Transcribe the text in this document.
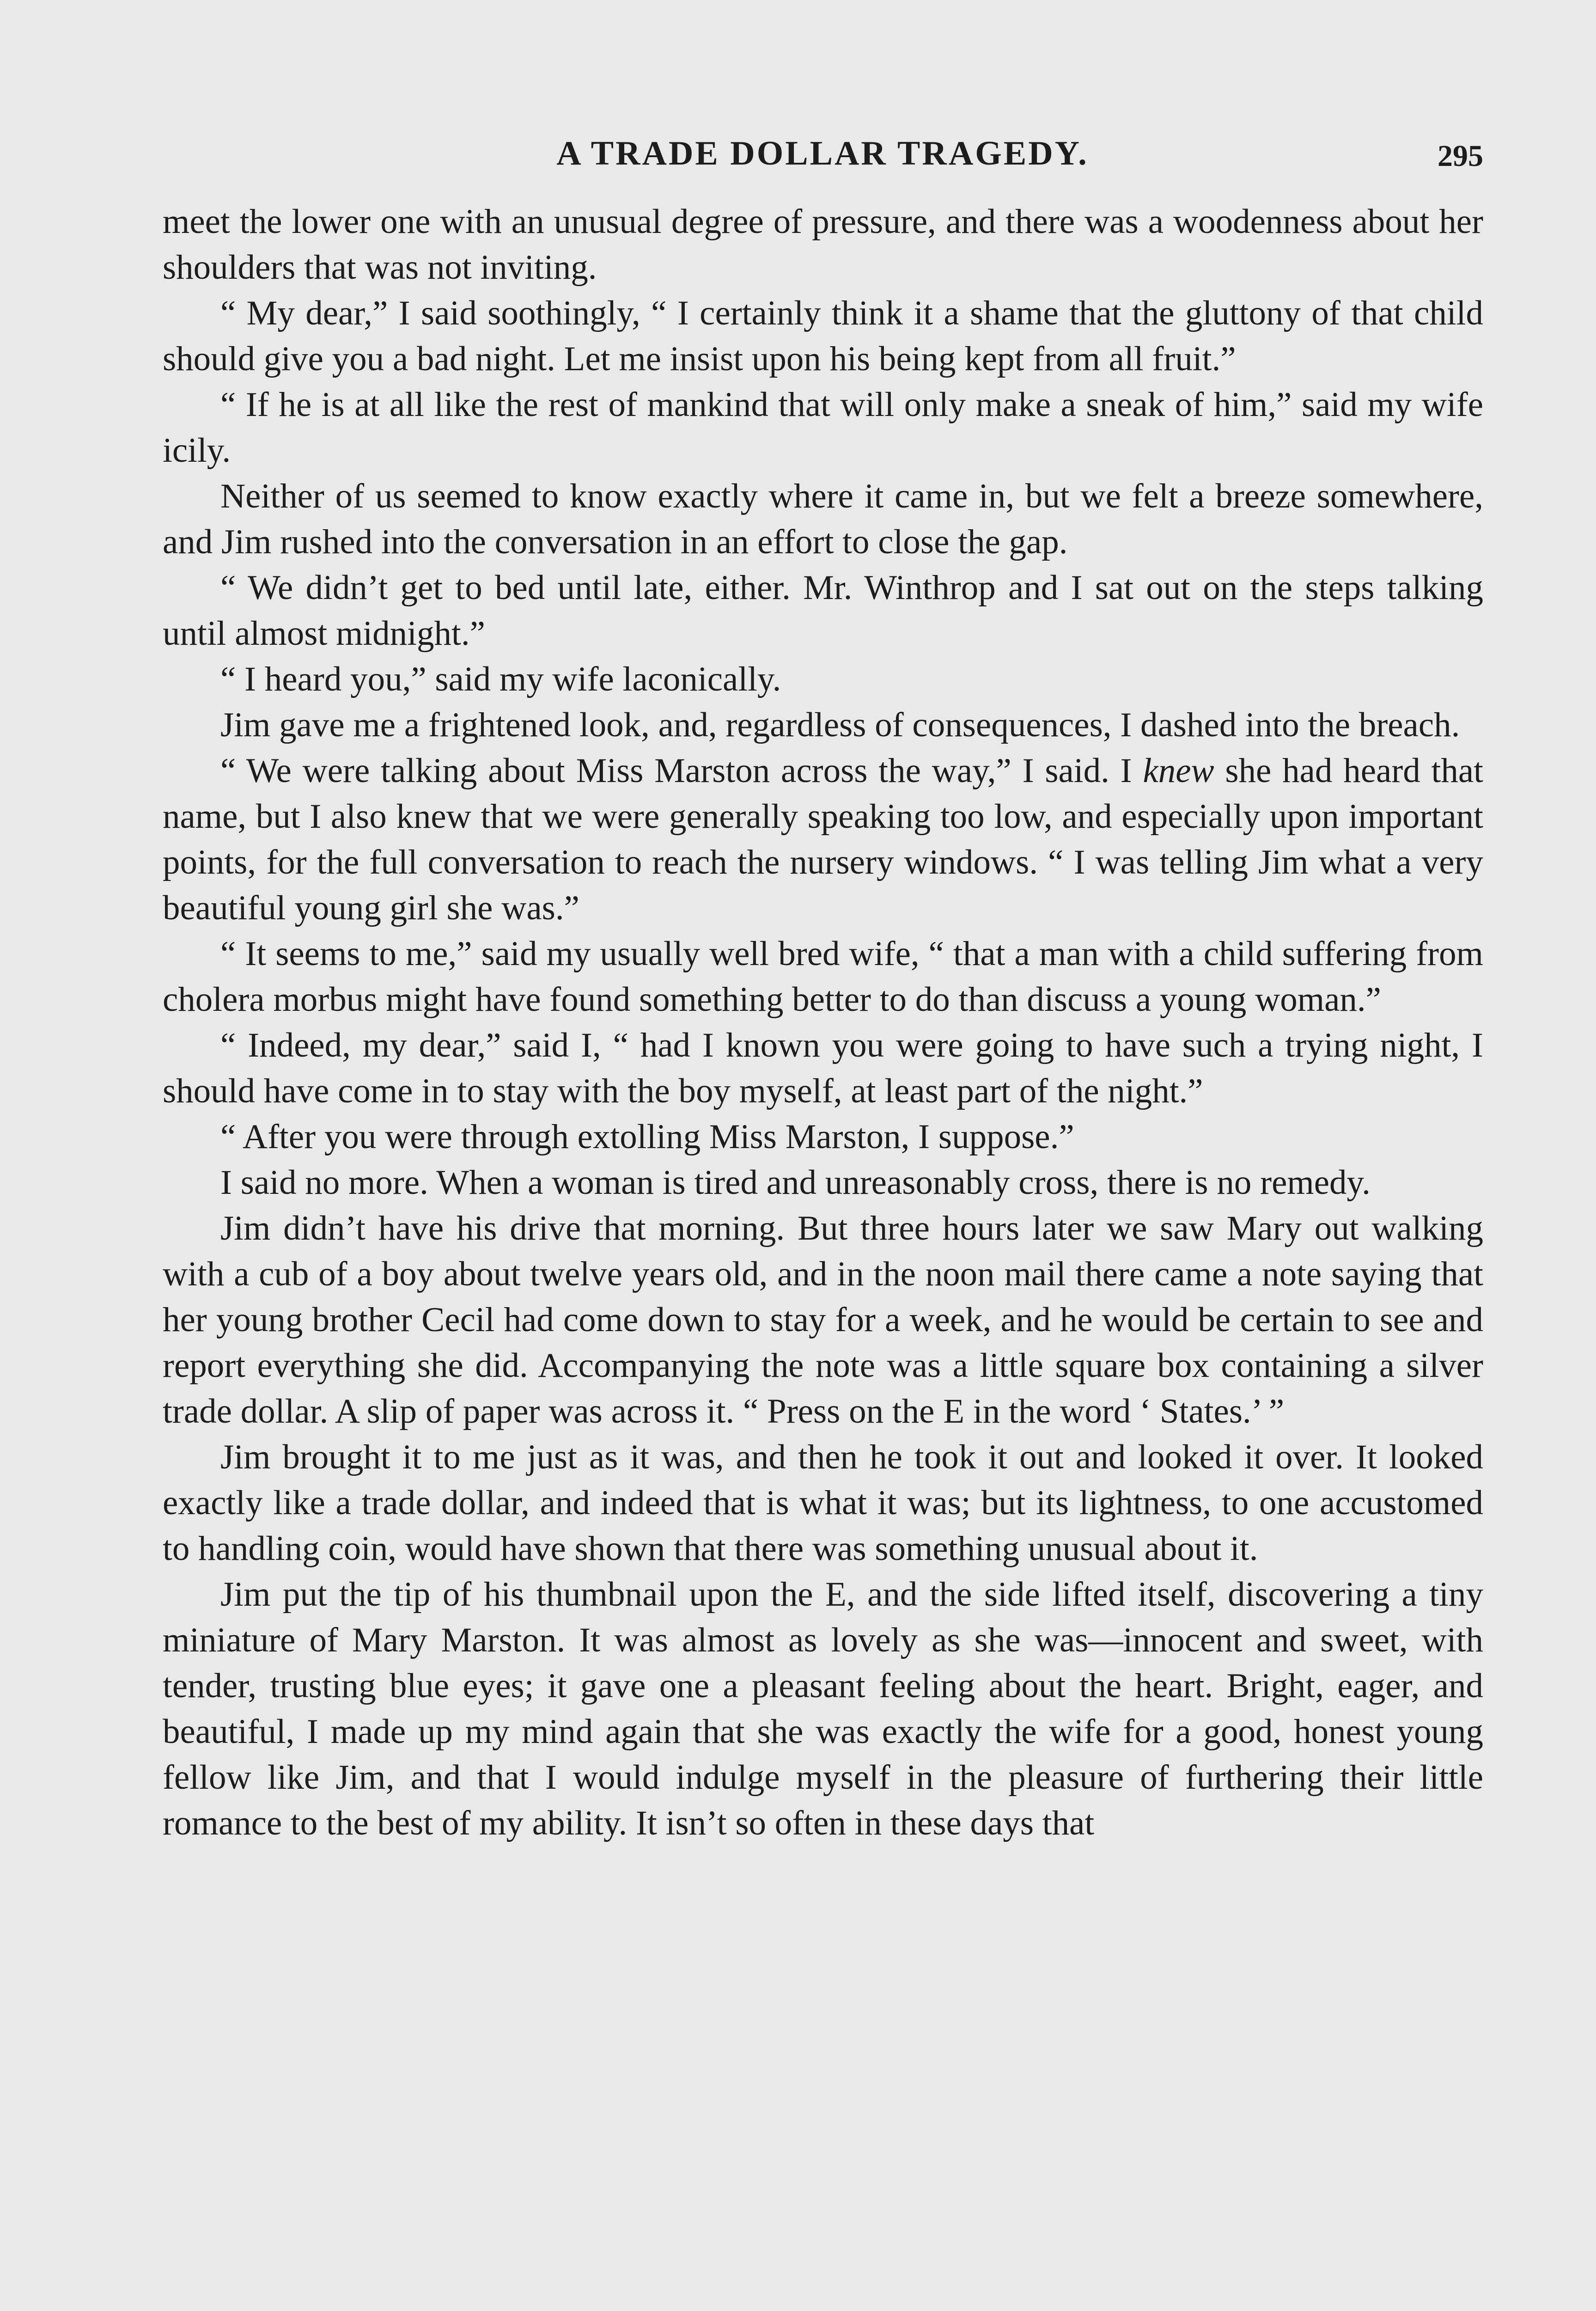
A TRADE DOLLAR TRAGEDY.	295

meet the lower one with an unusual degree of pressure, and there was a woodenness about her shoulders that was not inviting.

“ My dear,” I said soothingly, “ I certainly think it a shame that the gluttony of that child should give you a bad night. Let me insist upon his being kept from all fruit.”

“ If he is at all like the rest of mankind that will only make a sneak of him,” said my wife icily.

Neither of us seemed to know exactly where it came in, but we felt a breeze somewhere, and Jim rushed into the conversation in an effort to close the gap.

“ We didn’t get to bed until late, either. Mr. Winthrop and I sat out on the steps talking until almost midnight.”

“ I heard you,” said my wife laconically.

Jim gave me a frightened look, and, regardless of consequences, I dashed into the breach.

“ We were talking about Miss Marston across the way,” I said. I knew she had heard that name, but I also knew that we were generally speaking too low, and especially upon important points, for the full conversation to reach the nursery windows. “ I was telling Jim what a very beautiful young girl she was.”

“ It seems to me,” said my usually well bred wife, “ that a man with a child suffering from cholera morbus might have found something better to do than discuss a young woman.”

“ Indeed, my dear,” said I, “ had I known you were going to have such a trying night, I should have come in to stay with the boy myself, at least part of the night.”

“ After you were through extolling Miss Marston, I suppose.”

I said no more. When a woman is tired and unreasonably cross, there is no remedy.

Jim didn’t have his drive that morning. But three hours later we saw Mary out walking with a cub of a boy about twelve years old, and in the noon mail there came a note saying that her young brother Cecil had come down to stay for a week, and he would be certain to see and report everything she did. Accompanying the note was a little square box containing a silver trade dollar. A slip of paper was across it. “ Press on the E in the word ‘ States.’ ”

Jim brought it to me just as it was, and then he took it out and looked it over. It looked exactly like a trade dollar, and indeed that is what it was; but its lightness, to one accustomed to handling coin, would have shown that there was something unusual about it.

Jim put the tip of his thumbnail upon the E, and the side lifted itself, discovering a tiny miniature of Mary Marston. It was almost as lovely as she was—innocent and sweet, with tender, trusting blue eyes; it gave one a pleasant feeling about the heart. Bright, eager, and beautiful, I made up my mind again that she was exactly the wife for a good, honest young fellow like Jim, and that I would indulge myself in the pleasure of furthering their little romance to the best of my ability. It isn’t so often in these days that
